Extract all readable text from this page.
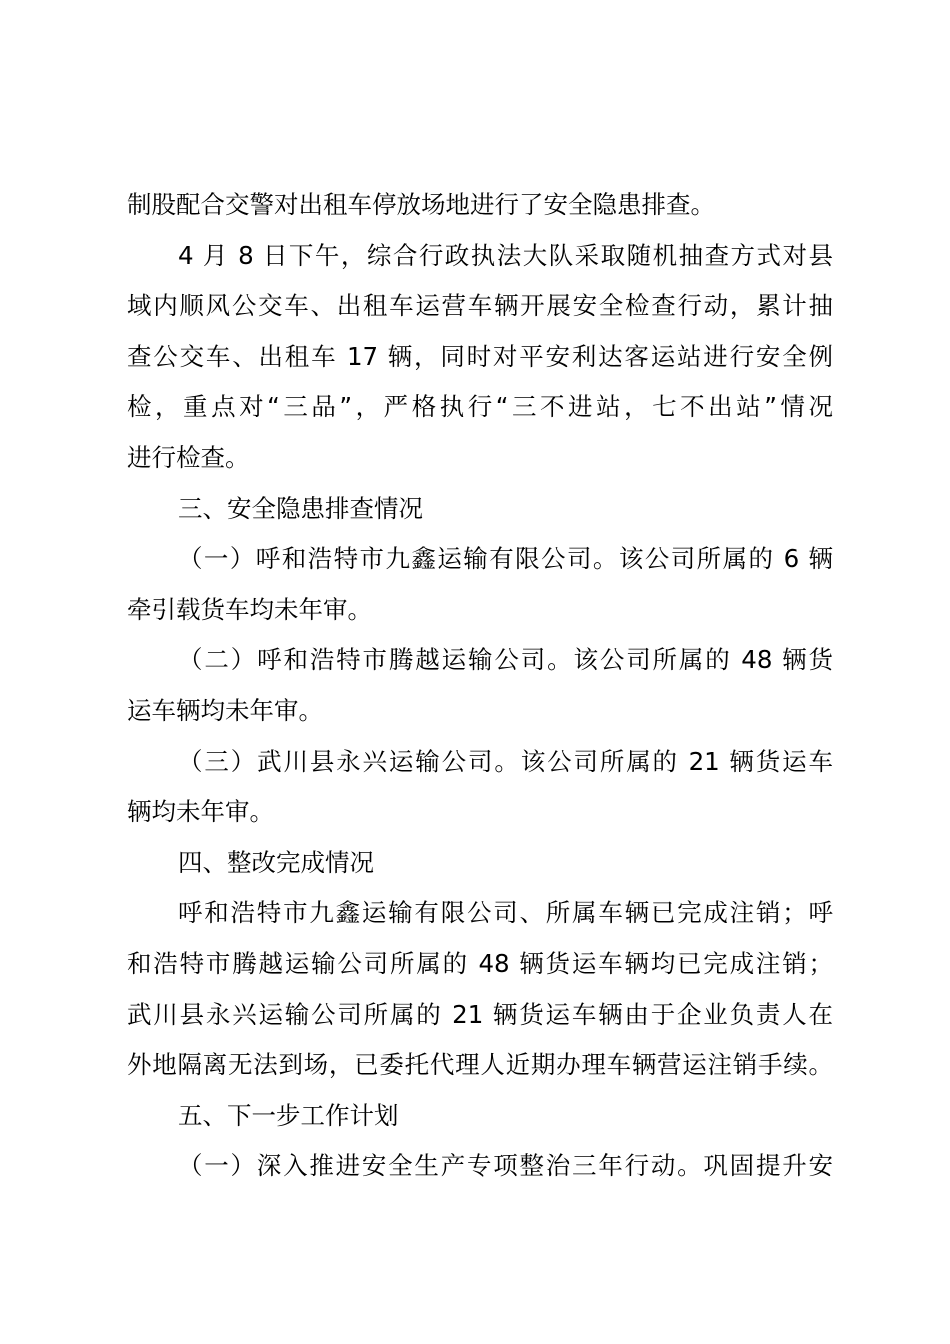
制股配合交警对出租车停放场地进行了安全隐患排查。
4 月 8 日下午，综合行政执法大队采取随机抽查方式对县
域内顺风公交车、出租车运营车辆开展安全检查行动，累计抽
查公交车、出租车 17 辆，同时对平安利达客运站进行安全例
检，重点对“三品”，严格执行“三不进站，七不出站”情况
进行检查。
三、安全隐患排查情况
（一）呼和浩特市九鑫运输有限公司。该公司所属的 6 辆
牵引载货车均未年审。
（二）呼和浩特市腾越运输公司。该公司所属的 48 辆货
运车辆均未年审。
（三）武川县永兴运输公司。该公司所属的 21 辆货运车
辆均未年审。
四、整改完成情况
呼和浩特市九鑫运输有限公司、所属车辆已完成注销；呼
和浩特市腾越运输公司所属的 48 辆货运车辆均已完成注销；
武川县永兴运输公司所属的 21 辆货运车辆由于企业负责人在
外地隔离无法到场，已委托代理人近期办理车辆营运注销手续。
五、下一步工作计划
（一）深入推进安全生产专项整治三年行动。巩固提升安
